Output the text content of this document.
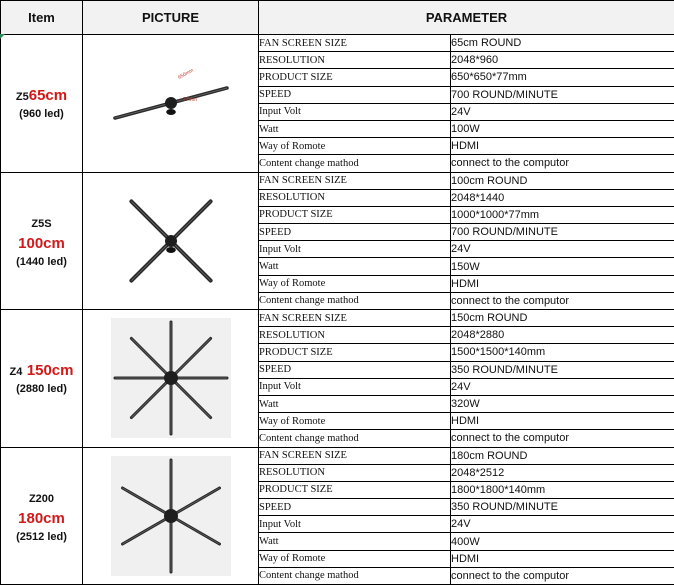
Item	PICTURE	PARAMETER	
Z565cm

(960 led)	650mm
77mm	FAN SCREEN SIZE	65cm ROUND
		RESOLUTION	2048*960
		PRODUCT SIZE	650*650*77mm
		SPEED	700 ROUND/MINUTE
		Input Volt	24V
		Watt	100W
		Way of Romote	HDMI
		Content change mathod	connect to the computor
Z5S
100cm

(1440 led)		FAN SCREEN SIZE	100cm ROUND
		RESOLUTION	2048*1440
		PRODUCT SIZE	1000*1000*77mm
		SPEED	700 ROUND/MINUTE
		Input Volt	24V
		Watt	150W
		Way of Romote	HDMI
		Content change mathod	connect to the computor
Z4 150cm

(2880 led)		FAN SCREEN SIZE	150cm ROUND
		RESOLUTION	2048*2880
		PRODUCT SIZE	1500*1500*140mm
		SPEED	350 ROUND/MINUTE
		Input Volt	24V
		Watt	320W
		Way of Romote	HDMI
		Content change mathod	connect to the computor
Z200
180cm

(2512 led)		FAN SCREEN SIZE	180cm ROUND
		RESOLUTION	2048*2512
		PRODUCT SIZE	1800*1800*140mm
		SPEED	350 ROUND/MINUTE
		Input Volt	24V
		Watt	400W
		Way of Romote	HDMI
		Content change mathod	connect to the computor
